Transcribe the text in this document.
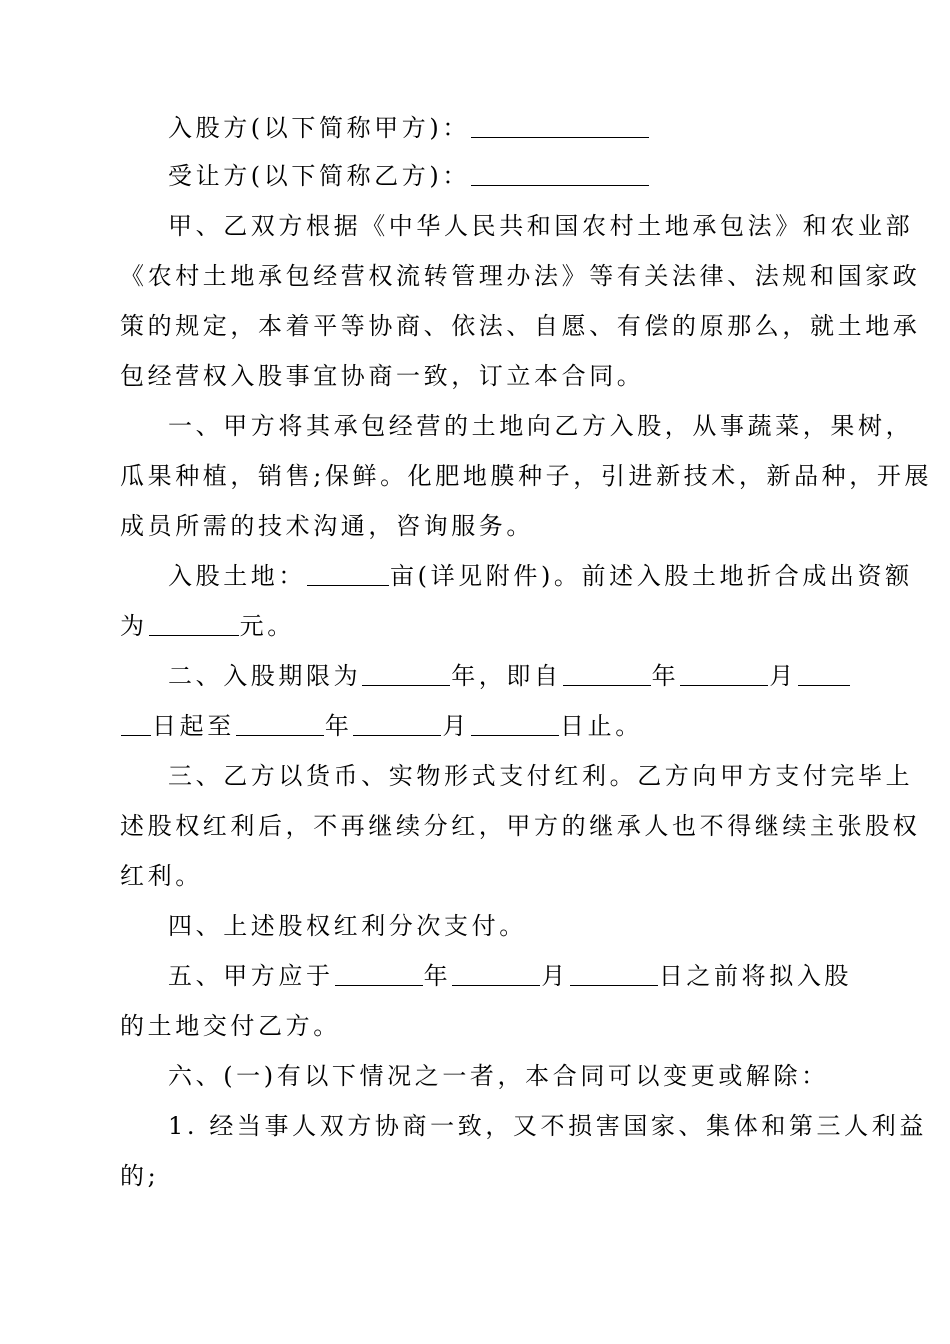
入股方(以下简称甲方)：
受让方(以下简称乙方)：
甲、乙双方根据《中华人民共和国农村土地承包法》和农业部
《农村土地承包经营权流转管理办法》等有关法律、法规和国家政
策的规定，本着平等协商、依法、自愿、有偿的原那么，就土地承
包经营权入股事宜协商一致，订立本合同。
一、甲方将其承包经营的土地向乙方入股，从事蔬菜，果树，
瓜果种植，销售;保鲜。化肥地膜种子，引进新技术，新品种，开展
成员所需的技术沟通，咨询服务。
入股土地：	亩(详见附件)。前述入股土地折合成出资额
为	元。
二、入股期限为	年，即自	年	月
日起至	年	月	日止。
三、乙方以货币、实物形式支付红利。乙方向甲方支付完毕上
述股权红利后，不再继续分红，甲方的继承人也不得继续主张股权
红利。
四、上述股权红利分次支付。
五、甲方应于	年	月	日之前将拟入股
的土地交付乙方。
六、(一)有以下情况之一者，本合同可以变更或解除：
1. 经当事人双方协商一致，又不损害国家、集体和第三人利益
的;
